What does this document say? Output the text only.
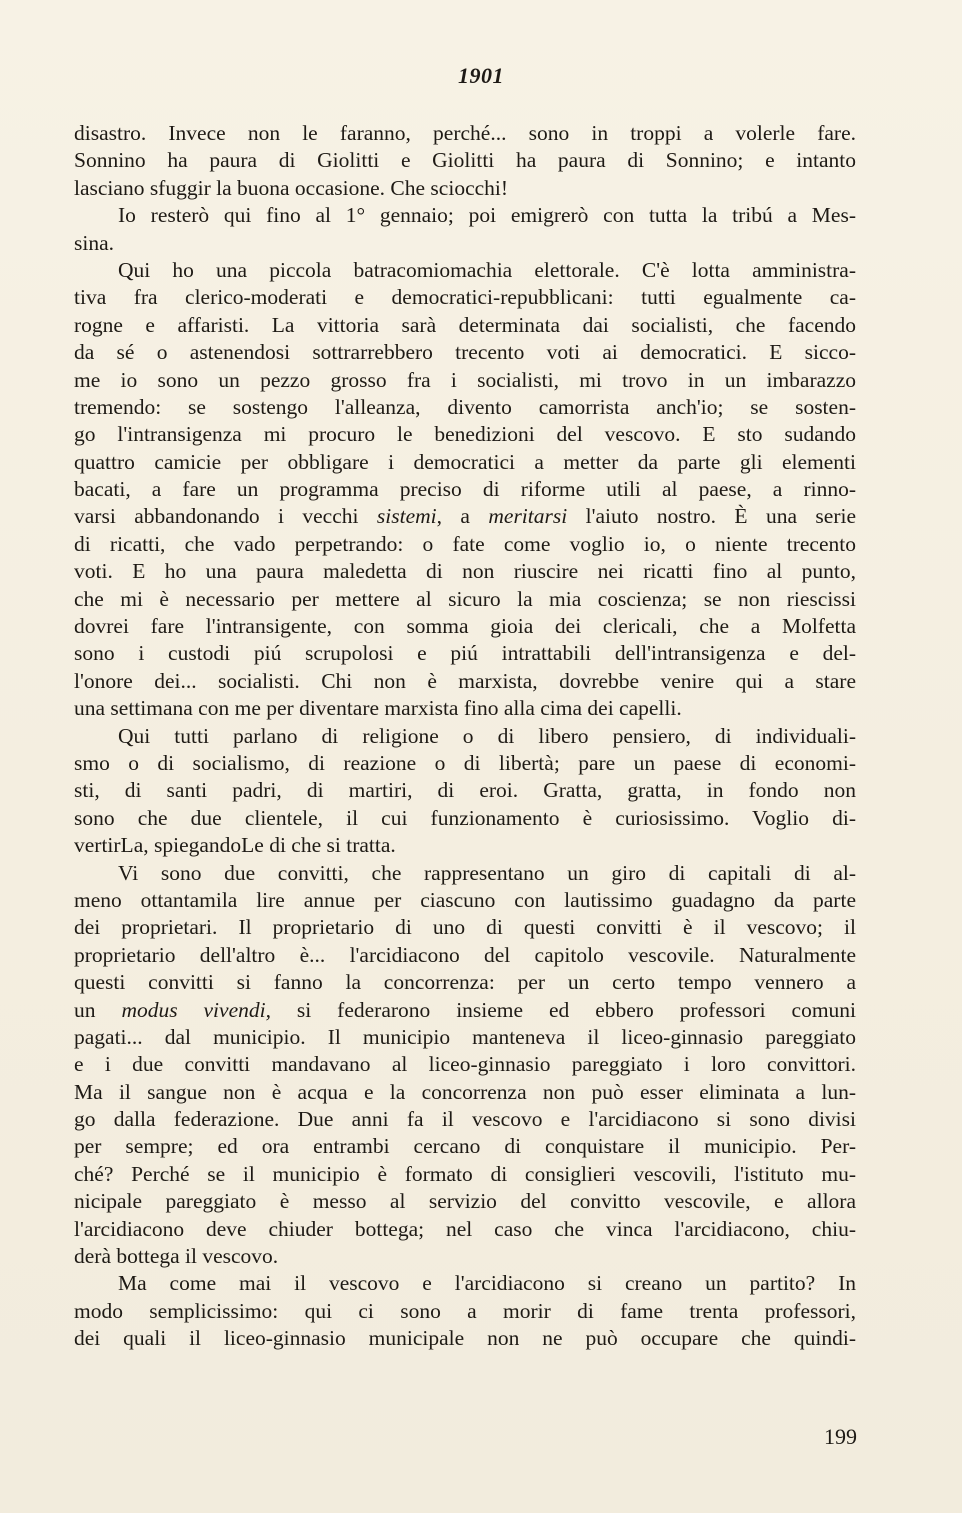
1901
disastro. Invece non le faranno, perché... sono in troppi a volerle fare.
Sonnino ha paura di Giolitti e Giolitti ha paura di Sonnino; e intanto
lasciano sfuggir la buona occasione. Che sciocchi!
Io resterò qui fino al 1° gennaio; poi emigrerò con tutta la tribú a Mes-
sina.
Qui ho una piccola batracomiomachia elettorale. C'è lotta amministra-
tiva fra clerico-moderati e democratici-repubblicani: tutti egualmente ca-
rogne e affaristi. La vittoria sarà determinata dai socialisti, che facendo
da sé o astenendosi sottrarrebbero trecento voti ai democratici. E sicco-
me io sono un pezzo grosso fra i socialisti, mi trovo in un imbarazzo
tremendo: se sostengo l'alleanza, divento camorrista anch'io; se sosten-
go l'intransigenza mi procuro le benedizioni del vescovo. E sto sudando
quattro camicie per obbligare i democratici a metter da parte gli elementi
bacati, a fare un programma preciso di riforme utili al paese, a rinno-
varsi abbandonando i vecchi sistemi, a meritarsi l'aiuto nostro. È una serie
di ricatti, che vado perpetrando: o fate come voglio io, o niente trecento
voti. E ho una paura maledetta di non riuscire nei ricatti fino al punto,
che mi è necessario per mettere al sicuro la mia coscienza; se non riescissi
dovrei fare l'intransigente, con somma gioia dei clericali, che a Molfetta
sono i custodi piú scrupolosi e piú intrattabili dell'intransigenza e del-
l'onore dei... socialisti. Chi non è marxista, dovrebbe venire qui a stare
una settimana con me per diventare marxista fino alla cima dei capelli.
Qui tutti parlano di religione o di libero pensiero, di individuali-
smo o di socialismo, di reazione o di libertà; pare un paese di economi-
sti, di santi padri, di martiri, di eroi. Gratta, gratta, in fondo non
sono che due clientele, il cui funzionamento è curiosissimo. Voglio di-
vertirLa, spiegandoLe di che si tratta.
Vi sono due convitti, che rappresentano un giro di capitali di al-
meno ottantamila lire annue per ciascuno con lautissimo guadagno da parte
dei proprietari. Il proprietario di uno di questi convitti è il vescovo; il
proprietario dell'altro è... l'arcidiacono del capitolo vescovile. Naturalmente
questi convitti si fanno la concorrenza: per un certo tempo vennero a
un modus vivendi, si federarono insieme ed ebbero professori comuni
pagati... dal municipio. Il municipio manteneva il liceo-ginnasio pareggiato
e i due convitti mandavano al liceo-ginnasio pareggiato i loro convittori.
Ma il sangue non è acqua e la concorrenza non può esser eliminata a lun-
go dalla federazione. Due anni fa il vescovo e l'arcidiacono si sono divisi
per sempre; ed ora entrambi cercano di conquistare il municipio. Per-
ché? Perché se il municipio è formato di consiglieri vescovili, l'istituto mu-
nicipale pareggiato è messo al servizio del convitto vescovile, e allora
l'arcidiacono deve chiuder bottega; nel caso che vinca l'arcidiacono, chiu-
derà bottega il vescovo.
Ma come mai il vescovo e l'arcidiacono si creano un partito? In
modo semplicissimo: qui ci sono a morir di fame trenta professori,
dei quali il liceo-ginnasio municipale non ne può occupare che quindi-
199
